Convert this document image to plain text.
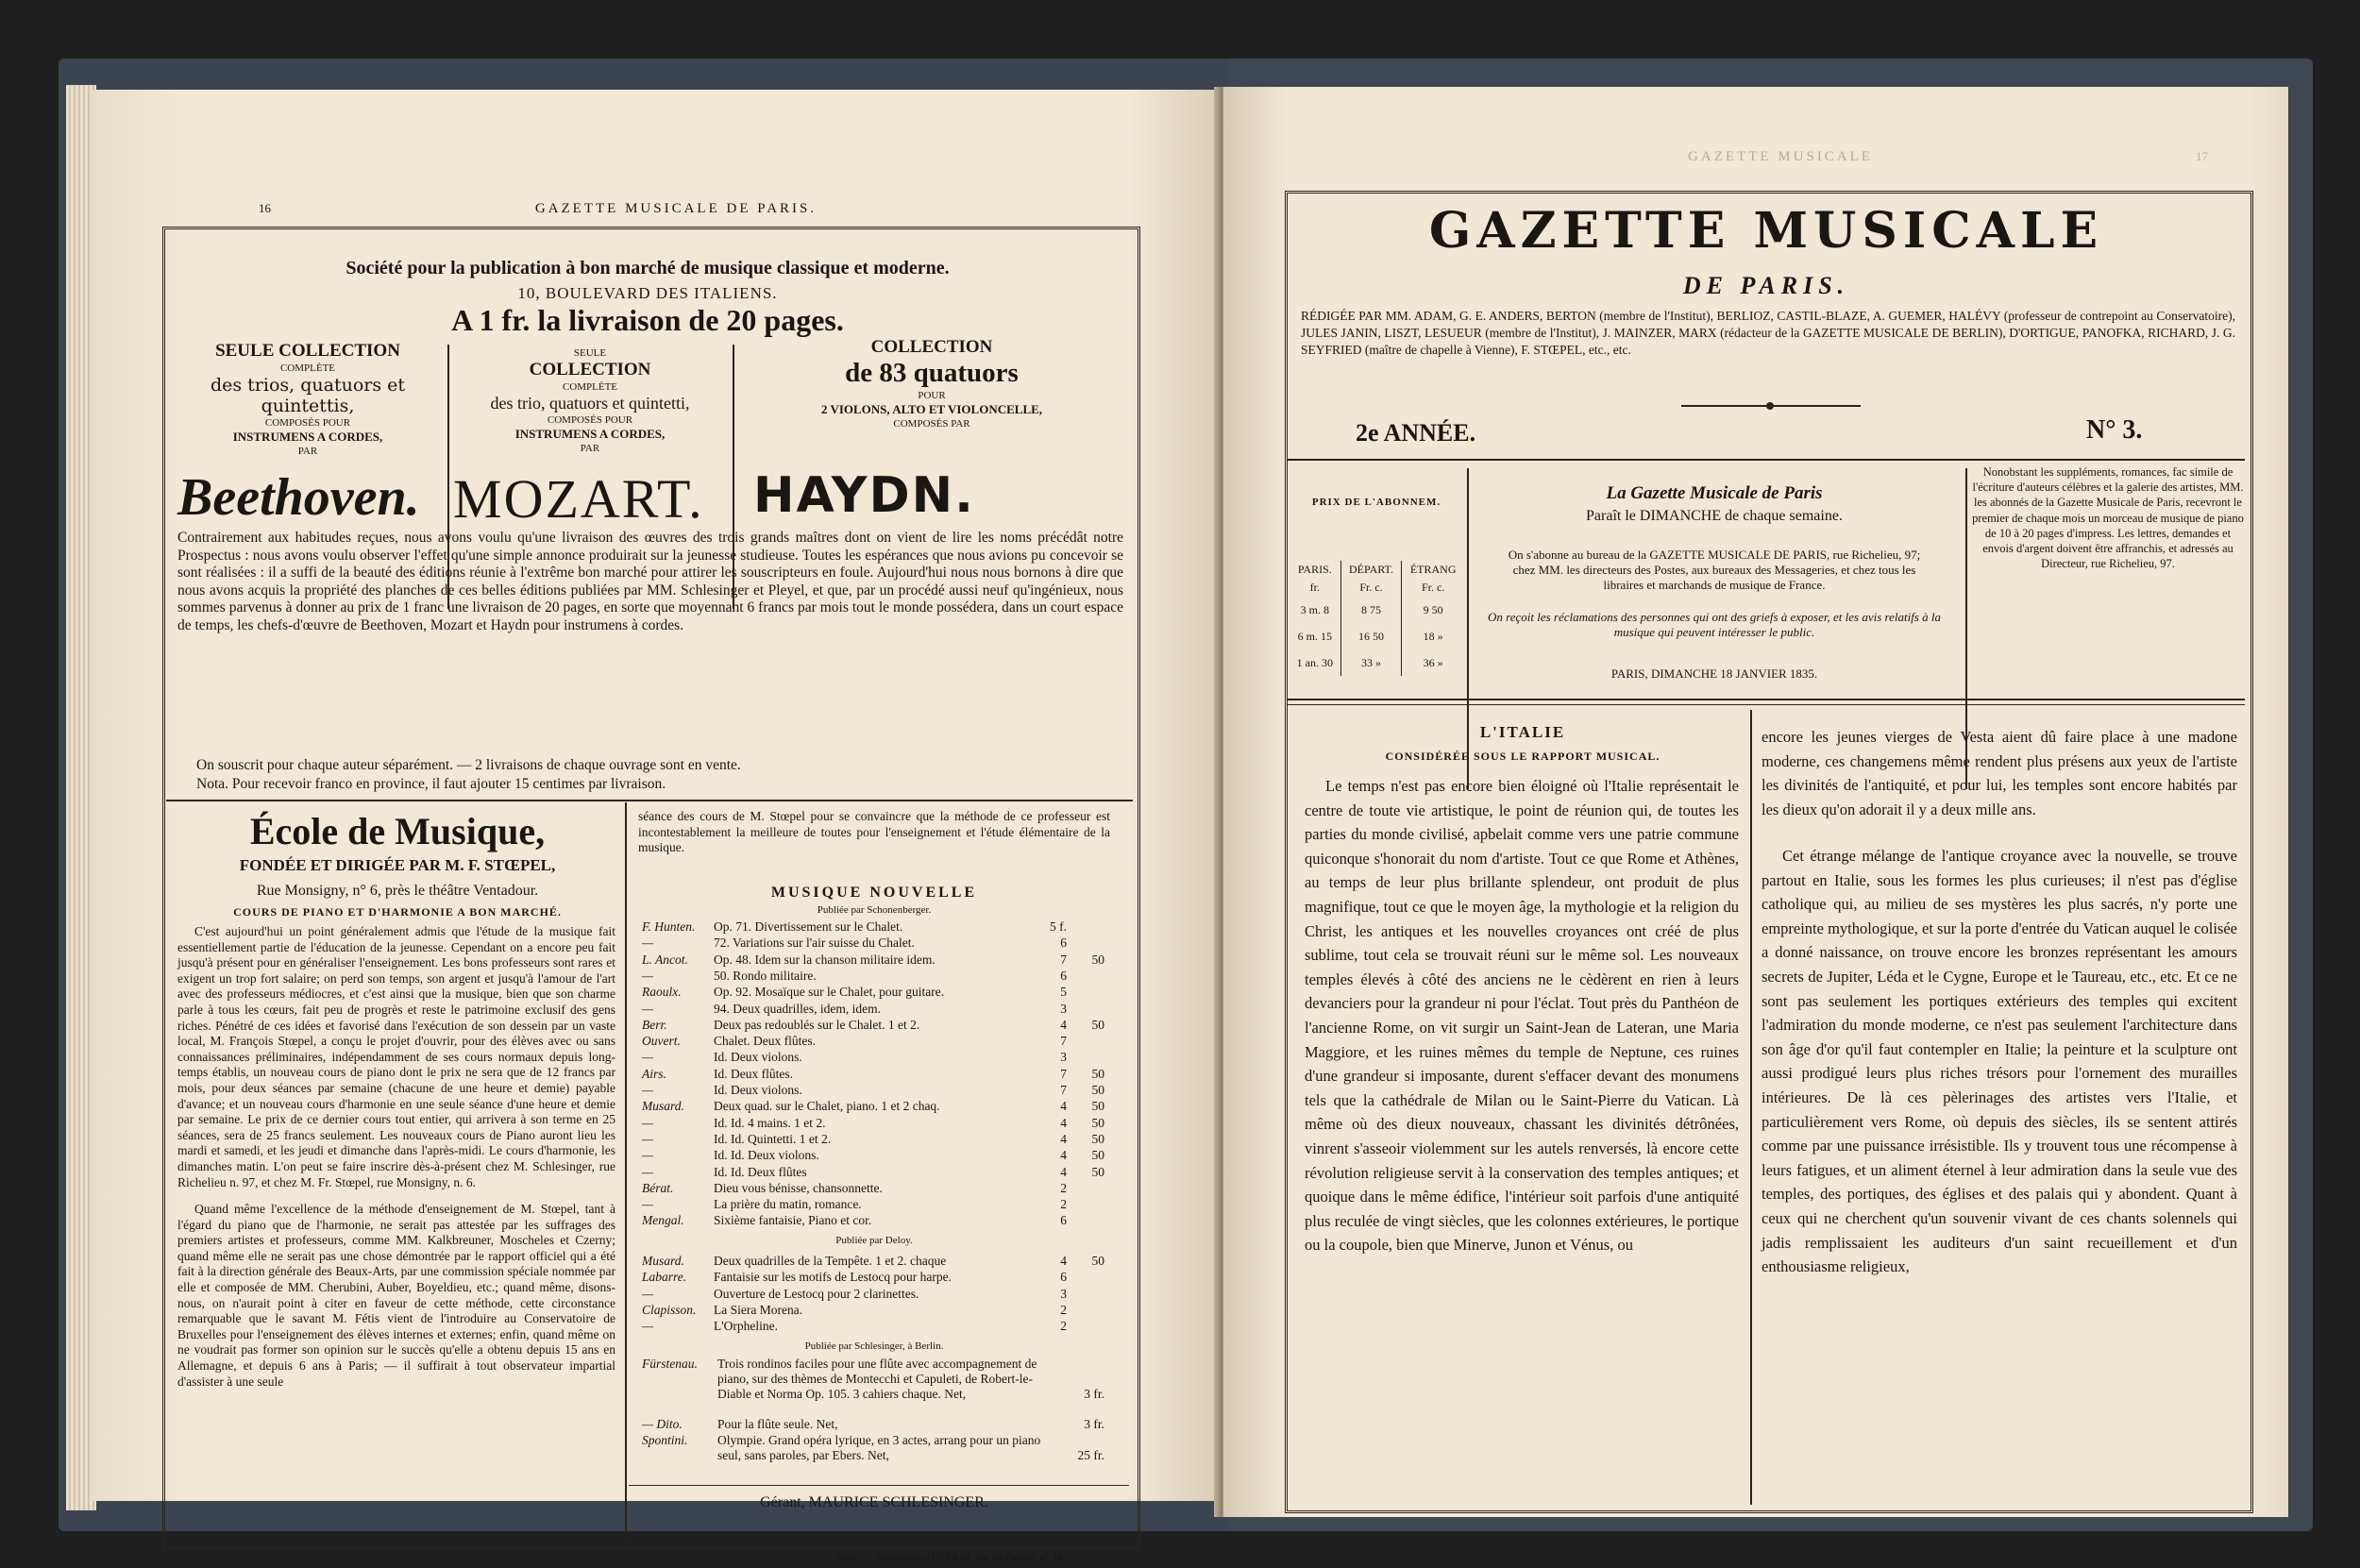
16	GAZETTE MUSICALE DE PARIS.
Société pour la publication à bon marché de musique classique et moderne.
10, BOULEVARD DES ITALIENS.
A 1 fr. la livraison de 20 pages.
SEULE COLLECTION
COMPLÈTE
des trios, quatuors et quintettis,
COMPOSÉS POUR
INSTRUMENS A CORDES,
PAR
SEULE
COLLECTION
COMPLÈTE
des trio, quatuors et quintetti,
COMPOSÉS POUR
INSTRUMENS A CORDES,
PAR
COLLECTION
de 83 quatuors
POUR
2 VIOLONS, ALTO ET VIOLONCELLE,
COMPOSÉS PAR
Beethoven. MOZART. HAYDN.
Contrairement aux habitudes reçues, nous avons voulu qu'une livraison des œuvres des trois grands maîtres dont on vient de lire les noms précédât notre Prospectus : nous avons voulu observer l'effet qu'une simple annonce produirait sur la jeunesse studieuse. Toutes les espérances que nous avions pu concevoir se sont réalisées : il a suffi de la beauté des éditions réunie à l'extrême bon marché pour attirer les souscripteurs en foule. Aujourd'hui nous nous bornons à dire que nous avons acquis la propriété des planches de ces belles éditions publiées par MM. Schlesinger et Pleyel, et que, par un procédé aussi neuf qu'ingénieux, nous sommes parvenus à donner au prix de 1 franc une livraison de 20 pages, en sorte que moyennant 6 francs par mois tout le monde possédera, dans un court espace de temps, les chefs-d'œuvre de Beethoven, Mozart et Haydn pour instrumens à cordes.
On souscrit pour chaque auteur séparément. — 2 livraisons de chaque ouvrage sont en vente.
Nota. Pour recevoir franco en province, il faut ajouter 15 centimes par livraison.
École de Musique,
FONDÉE ET DIRIGÉE PAR M. F. STŒPEL,
Rue Monsigny, n° 6, près le théâtre Ventadour.
COURS DE PIANO ET D'HARMONIE A BON MARCHÉ.
C'est aujourd'hui un point généralement admis que l'étude de la musique fait essentiellement partie de l'éducation de la jeunesse. Cependant on a encore peu fait jusqu'à présent pour en généraliser l'enseignement. Les bons professeurs sont rares et exigent un trop fort salaire; on perd son temps, son argent et jusqu'à l'amour de l'art avec des professeurs médiocres, et c'est ainsi que la musique, bien que son charme parle à tous les cœurs, fait peu de progrès et reste le patrimoine exclusif des gens riches. Pénétré de ces idées et favorisé dans l'exécution de son dessein par un vaste local, M. François Stœpel, a conçu le projet d'ouvrir, pour des élèves avec ou sans connaissances préliminaires, indépendamment de ses cours normaux depuis long-temps établis, un nouveau cours de piano dont le prix ne sera que de 12 francs par mois, pour deux séances par semaine (chacune de une heure et demie) payable d'avance; et un nouveau cours d'harmonie en une seule séance d'une heure et demie par semaine. Le prix de ce dernier cours tout entier, qui arrivera à son terme en 25 séances, sera de 25 francs seulement. Les nouveaux cours de Piano auront lieu les mardi et samedi, et les jeudi et dimanche dans l'après-midi. Le cours d'harmonie, les dimanches matin. L'on peut se faire inscrire dès-à-présent chez M. Schlesinger, rue Richelieu n. 97, et chez M. Fr. Stœpel, rue Monsigny, n. 6.
Quand même l'excellence de la méthode d'enseignement de M. Stœpel, tant à l'égard du piano que de l'harmonie, ne serait pas attestée par les suffrages des premiers artistes et professeurs, comme MM. Kalkbreuner, Moscheles et Czerny; quand même elle ne serait pas une chose démontrée par le rapport officiel qui a été fait à la direction générale des Beaux-Arts, par une commission spéciale nommée par elle et composée de MM. Cherubini, Auber, Boyeldieu, etc.; quand même, disons-nous, on n'aurait point à citer en faveur de cette méthode, cette circonstance remarquable que le savant M. Fétis vient de l'introduire au Conservatoire de Bruxelles pour l'enseignement des élèves internes et externes; enfin, quand même on ne voudrait pas former son opinion sur le succès qu'elle a obtenu depuis 15 ans en Allemagne, et depuis 6 ans à Paris; — il suffirait à tout observateur impartial d'assister à une seule
séance des cours de M. Stœpel pour se convaincre que la méthode de ce professeur est incontestablement la meilleure de toutes pour l'enseignement et l'étude élémentaire de la musique.
MUSIQUE NOUVELLE
Publiée par Schonenberger.
F. Hunten. Op. 71. Divertissement sur le Chalet.	5 f.
—	72. Variations sur l'air suisse du Chalet.	6
L. Ancot. Op. 48. Idem sur la chanson militaire idem.	7 50
—	50. Rondo militaire.	6
Raoulx.	Op. 92. Mosaïque sur le Chalet, pour guitare.	5
—	94. Deux quadrilles, idem, idem.	3
Berr.	Deux pas redoublés sur le Chalet. 1 et 2.	4 50
Ouvert.	Chalet. Deux flûtes.	7
—	Id. Deux violons.	3
Airs.	Id. Deux flûtes.	7 50
—	Id. Deux violons.	7 50
Musard. Deux quad. sur le Chalet, piano. 1 et 2 chaq.	4 50
—	Id. Id. 4 mains. 1 et 2.	4 50
—	Id. Id. Quintetti. 1 et 2.	4 50
—	Id. Id. Deux violons.	4 50
—	Id. Id. Deux flûtes	4 50
Bérat.	Dieu vous bénisse, chansonnette.	2
—	La prière du matin, romance.	2
Mengal. Sixième fantaisie, Piano et cor.	6
Publiée par Deloy.
Musard. Deux quadrilles de la Tempête. 1 et 2. chaque	4 50
Labarre. Fantaisie sur les motifs de Lestocq pour harpe.	6
—	Ouverture de Lestocq pour 2 clarinettes.	3
Clapisson. La Siera Morena.	2
—	L'Orpheline.	2
Publiée par Schlesinger, à Berlin.
Fürstenau.	Trois rondinos faciles pour une flûte avec accompagnement de piano, sur des thèmes de Montecchi et Capuleti, de Robert-le-Diable et Norma Op. 105. 3 cahiers chaque. Net,	3 fr.
— Dito.	Pour la flûte seule. Net,	3 fr.
Spontini.	Olympie. Grand opéra lyrique, en 3 actes, arrang pour un piano seul, sans paroles, par Ebers. Net,	25 fr.
Gérant, MAURICE SCHLESINGER.
Paris. — Imprimerie d'EVERAT, rue du Cadran, n° 16.
GAZETTE MUSICALE	17
GAZETTE MUSICALE
DE PARIS.
RÉDIGÉE PAR MM. ADAM, G. E. ANDERS, BERTON (membre de l'Institut), BERLIOZ, CASTIL-BLAZE, A. GUEMER, HALÉVY (professeur de contrepoint au Conservatoire), JULES JANIN, LISZT, LESUEUR (membre de l'Institut), J. MAINZER, MARX (rédacteur de la GAZETTE MUSICALE DE BERLIN), D'ORTIGUE, PANOFKA, RICHARD, J. G. SEYFRIED (maître de chapelle à Vienne), F. STŒPEL, etc., etc.
2e ANNÉE.	N° 3.
PRIX DE L'ABONNEM.
PARIS.	DÉPART.	ÉTRANG
fr.	Fr. c.	Fr. c.
3 m. 8	8 75	9 50
6 m. 15	16 50	18 »
1 an. 30	33 »	36 »
La Gazette Musicale de Paris
Paraît le DIMANCHE de chaque semaine.
On s'abonne au bureau de la GAZETTE MUSICALE DE PARIS, rue Richelieu, 97; chez MM. les directeurs des Postes, aux bureaux des Messageries, et chez tous les libraires et marchands de musique de France.
On reçoit les réclamations des personnes qui ont des griefs à exposer, et les avis relatifs à la musique qui peuvent intéresser le public.
PARIS, DIMANCHE 18 JANVIER 1835.
Nonobstant les suppléments, romances, fac simile de l'écriture d'auteurs célèbres et la galerie des artistes, MM. les abonnés de la Gazette Musicale de Paris, recevront le premier de chaque mois un morceau de musique de piano de 10 à 20 pages d'impress. Les lettres, demandes et envois d'argent doivent être affranchis, et adressés au Directeur, rue Richelieu, 97.
L'ITALIE
CONSIDÉRÉE SOUS LE RAPPORT MUSICAL.
Le temps n'est pas encore bien éloigné où l'Italie représentait le centre de toute vie artistique, le point de réunion qui, de toutes les parties du monde civilisé, apbelait comme vers une patrie commune quiconque s'honorait du nom d'artiste. Tout ce que Rome et Athènes, au temps de leur plus brillante splendeur, ont produit de plus magnifique, tout ce que le moyen âge, la mythologie et la religion du Christ, les antiques et les nouvelles croyances ont créé de plus sublime, tout cela se trouvait réuni sur le même sol. Les nouveaux temples élevés à côté des anciens ne le cèdèrent en rien à leurs devanciers pour la grandeur ni pour l'éclat. Tout près du Panthéon de l'ancienne Rome, on vit surgir un Saint-Jean de Lateran, une Maria Maggiore, et les ruines mêmes du temple de Neptune, ces ruines d'une grandeur si imposante, durent s'effacer devant des monumens tels que la cathédrale de Milan ou le Saint-Pierre du Vatican. Là même où des dieux nouveaux, chassant les divinités détrônées, vinrent s'asseoir violemment sur les autels renversés, là encore cette révolution religieuse servit à la conservation des temples antiques; et quoique dans le même édifice, l'intérieur soit parfois d'une antiquité plus reculée de vingt siècles, que les colonnes extérieures, le portique ou la coupole, bien que Minerve, Junon et Vénus, ou
encore les jeunes vierges de Vesta aient dû faire place à une madone moderne, ces changemens même rendent plus présens aux yeux de l'artiste les divinités de l'antiquité, et pour lui, les temples sont encore habités par les dieux qu'on adorait il y a deux mille ans.
Cet étrange mélange de l'antique croyance avec la nouvelle, se trouve partout en Italie, sous les formes les plus curieuses; il n'est pas d'église catholique qui, au milieu de ses mystères les plus sacrés, n'y porte une empreinte mythologique, et sur la porte d'entrée du Vatican auquel le colisée a donné naissance, on trouve encore les bronzes représentant les amours secrets de Jupiter, Léda et le Cygne, Europe et le Taureau, etc., etc. Et ce ne sont pas seulement les portiques extérieurs des temples qui excitent l'admiration du monde moderne, ce n'est pas seulement l'architecture dans son âge d'or qu'il faut contempler en Italie; la peinture et la sculpture ont aussi prodigué leurs plus riches trésors pour l'ornement des murailles intérieures. De là ces pèlerinages des artistes vers l'Italie, et particulièrement vers Rome, où depuis des siècles, ils se sentent attirés comme par une puissance irrésistible. Ils y trouvent tous une récompense à leurs fatigues, et un aliment éternel à leur admiration dans la seule vue des temples, des portiques, des églises et des palais qui y abondent. Quant à ceux qui ne cherchent qu'un souvenir vivant de ces chants solennels qui jadis remplissaient les auditeurs d'un saint recueillement et d'un enthousiasme religieux,
